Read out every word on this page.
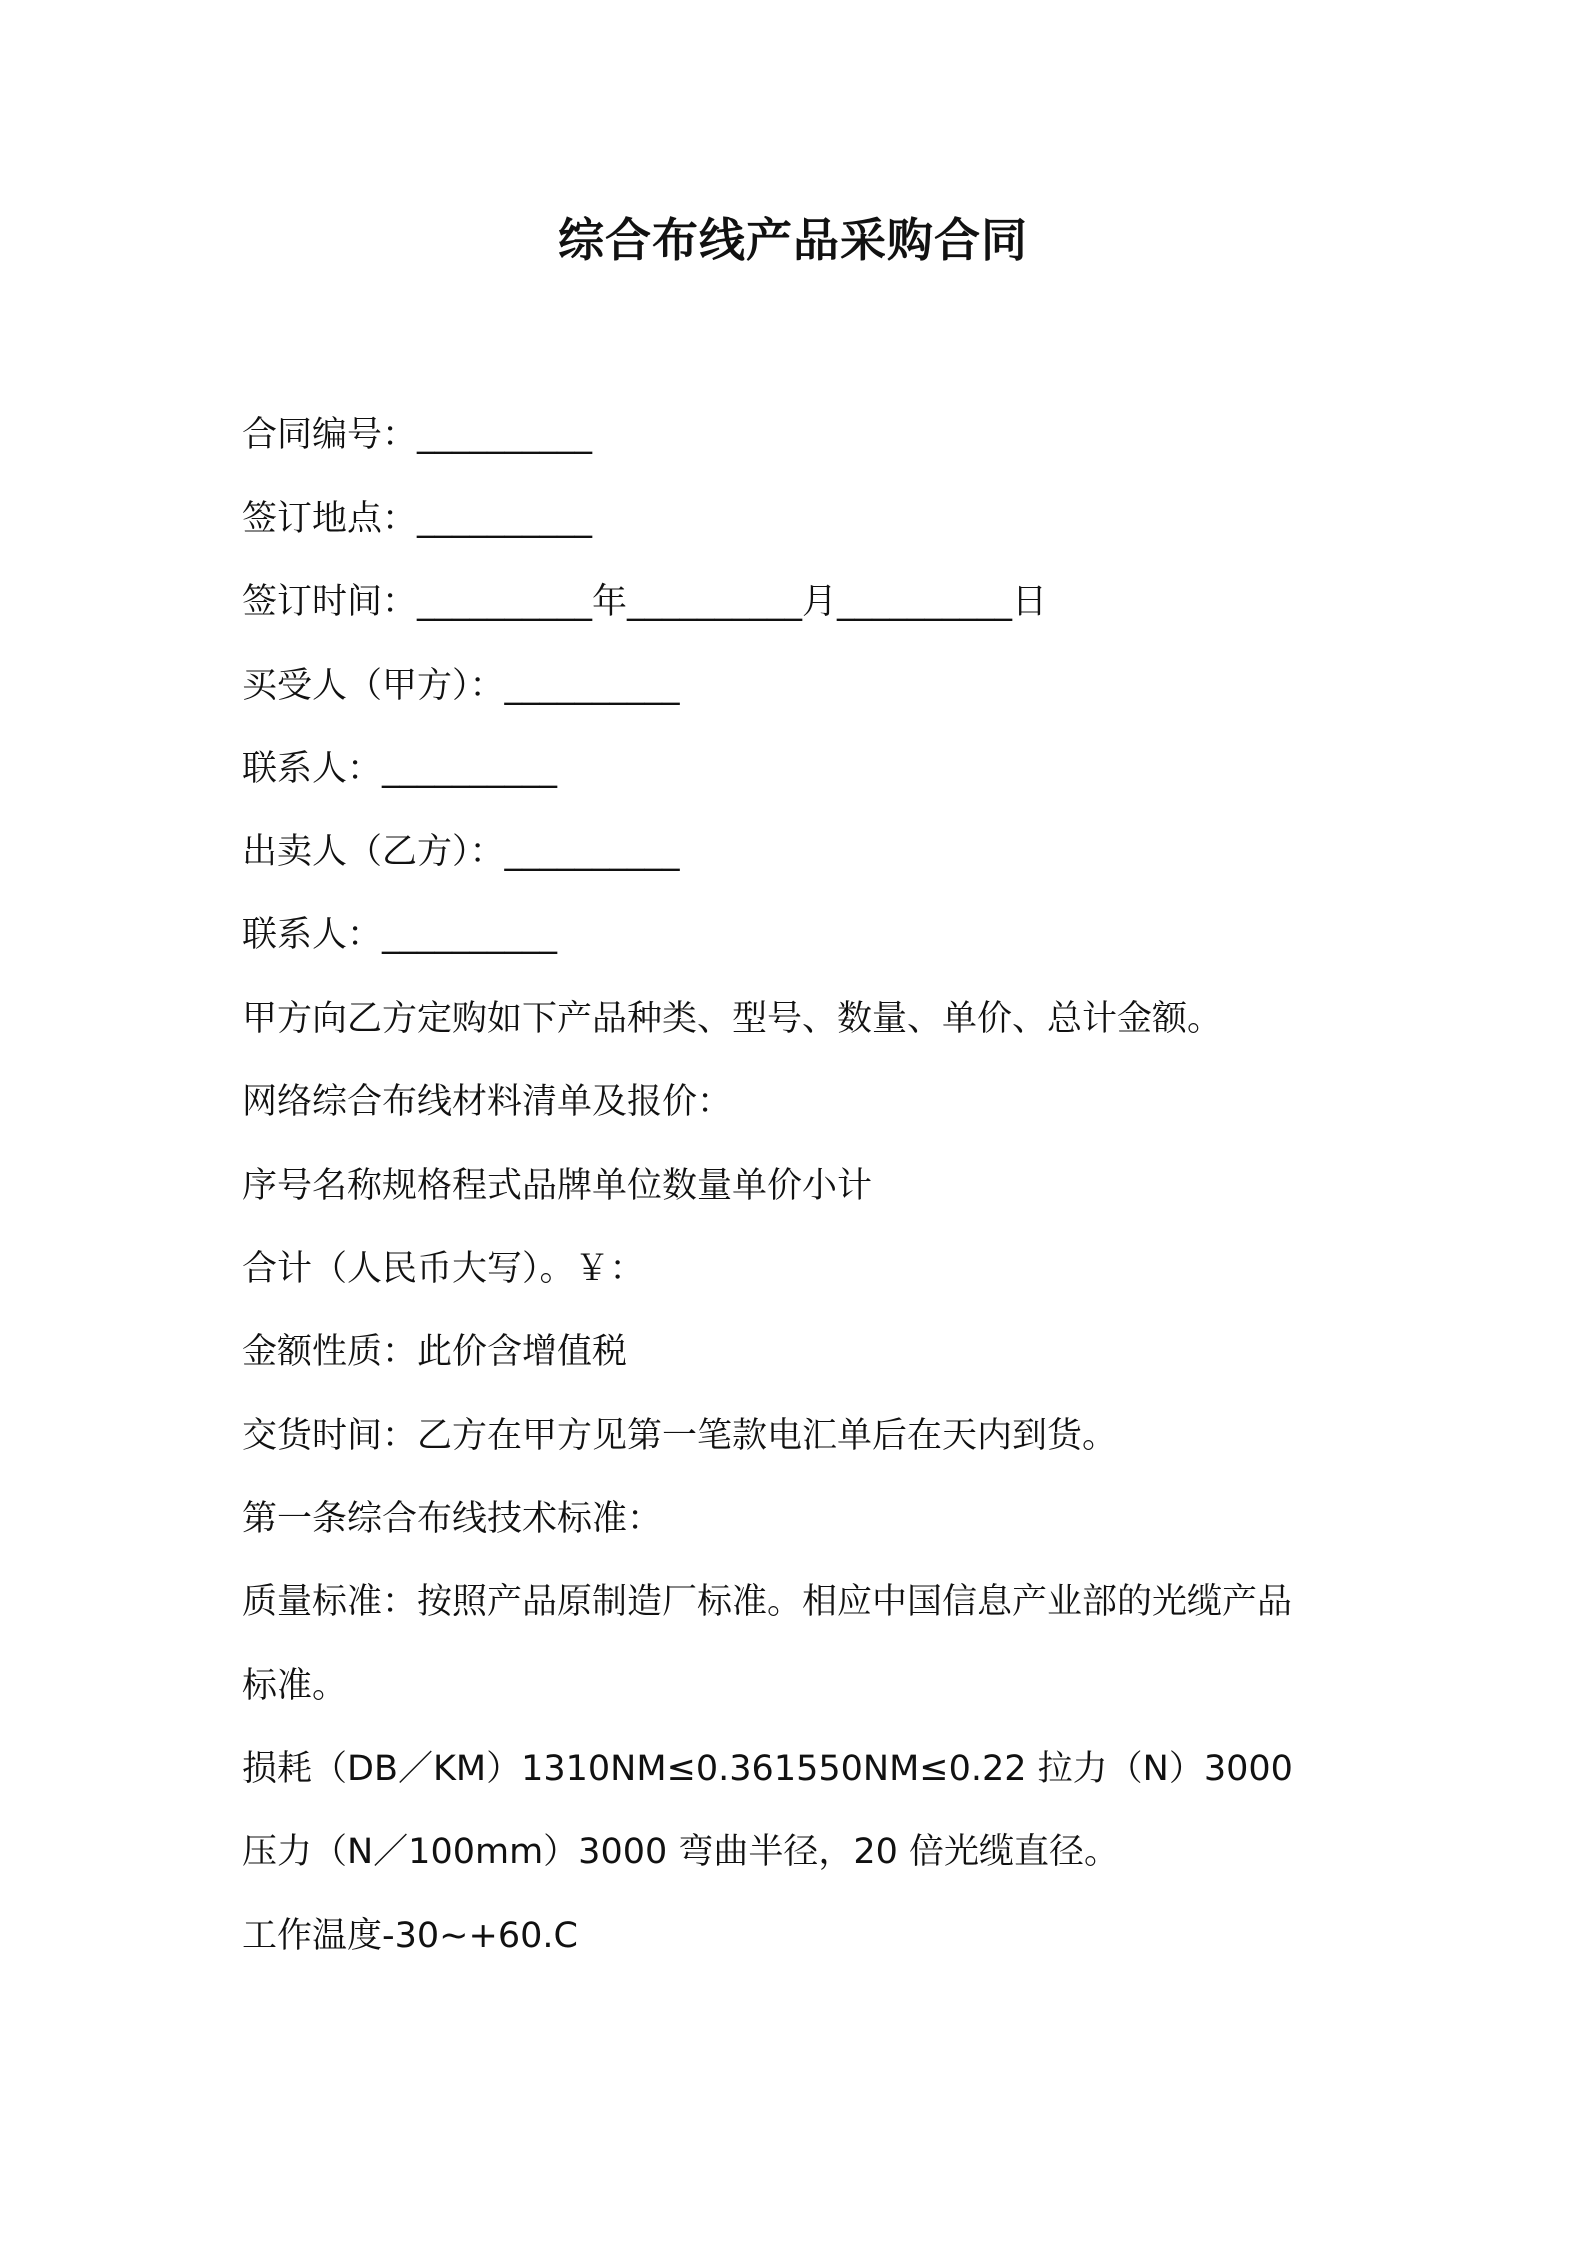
综合布线产品采购合同
合同编号：__________
签订地点：__________
签订时间：__________年__________月__________日
买受人（甲方）：__________
联系人：__________
出卖人（乙方）：__________
联系人：__________
甲方向乙方定购如下产品种类、型号、数量、单价、总计金额。
网络综合布线材料清单及报价：
序号名称规格程式品牌单位数量单价小计
合计（人民币大写）。￥：
金额性质：此价含增值税
交货时间：乙方在甲方见第一笔款电汇单后在天内到货。
第一条综合布线技术标准：
质量标准：按照产品原制造厂标准。相应中国信息产业部的光缆产品
标准。
损耗（DB／KM）1310NM≤0.361550NM≤0.22 拉力（N）3000
压力（N／100mm）3000 弯曲半径，20 倍光缆直径。
工作温度-30~+60.C
